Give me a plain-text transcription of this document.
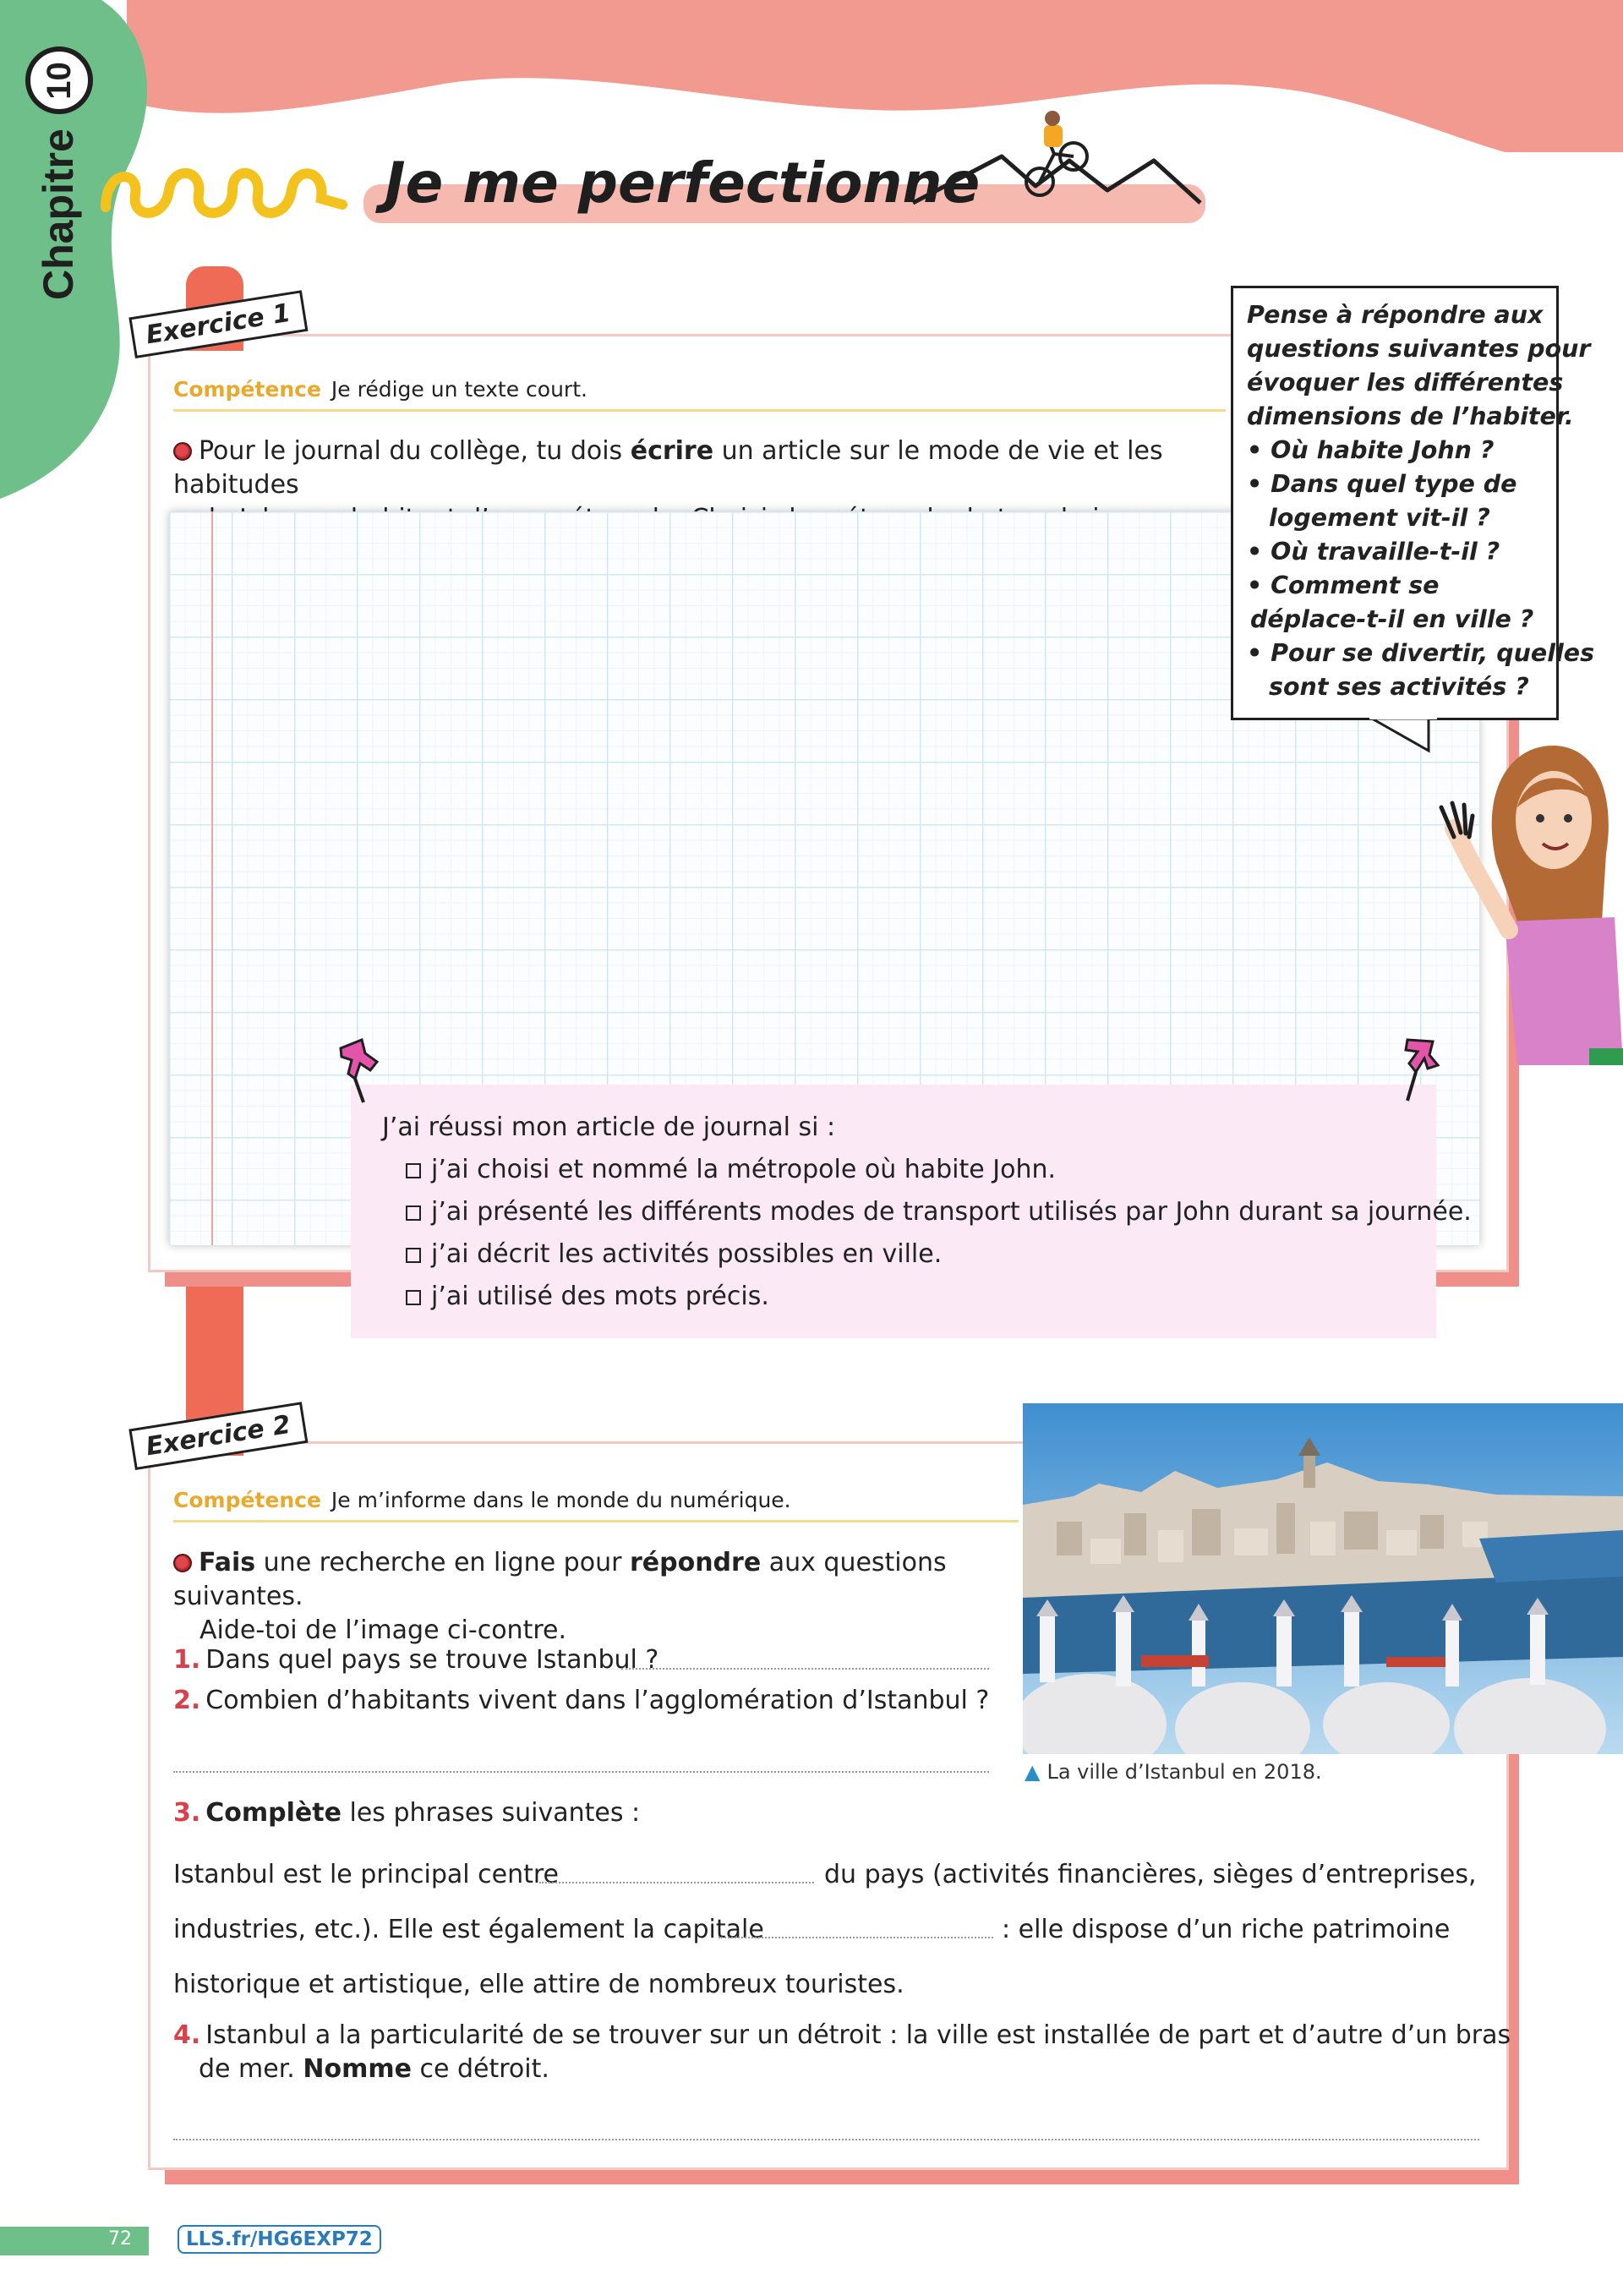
10
Chapitre	Je me perfectionne
Exercice 1
Compétence Je rédige un texte court.
Pour le journal du collège, tu dois écrire un article sur le mode de vie et les habitudes

Pense à répondre aux
questions suivantes pour
évoquer les différentes
dimensions de l’habiter.
• Où habite John ?
• Dans quel type de
logement vit-il ?
• Où travaille-t-il ?
• Comment se
déplace-t-il en ville ?
• Pour se divertir, quelles
sont ses activités ?
J’ai réussi mon article de journal si :
j’ai choisi et nommé la métropole où habite John.
j’ai présenté les différents modes de transport utilisés par John durant sa journée.
j’ai décrit les activités possibles en ville.
j’ai utilisé des mots précis.
Exercice 2
Compétence Je m’informe dans le monde du numérique.
▲ La ville d’Istanbul en 2018.
Fais une recherche en ligne pour répondre aux questions suivantes.
Aide-toi de l’image ci-contre.
1. Dans quel pays se trouve Istanbul ?
2. Combien d’habitants vivent dans l’agglomération d’Istanbul ?
3. Complète les phrases suivantes :
Istanbul est le principal centre	du pays (activités financières, sièges d’entreprises,
industries, etc.). Elle est également la capitale	: elle dispose d’un riche patrimoine
historique et artistique, elle attire de nombreux touristes.
4. Istanbul a la particularité de se trouver sur un détroit : la ville est installée de part et d’autre d’un bras
de mer. Nomme ce détroit.
72	LLS.fr/HG6EXP72
